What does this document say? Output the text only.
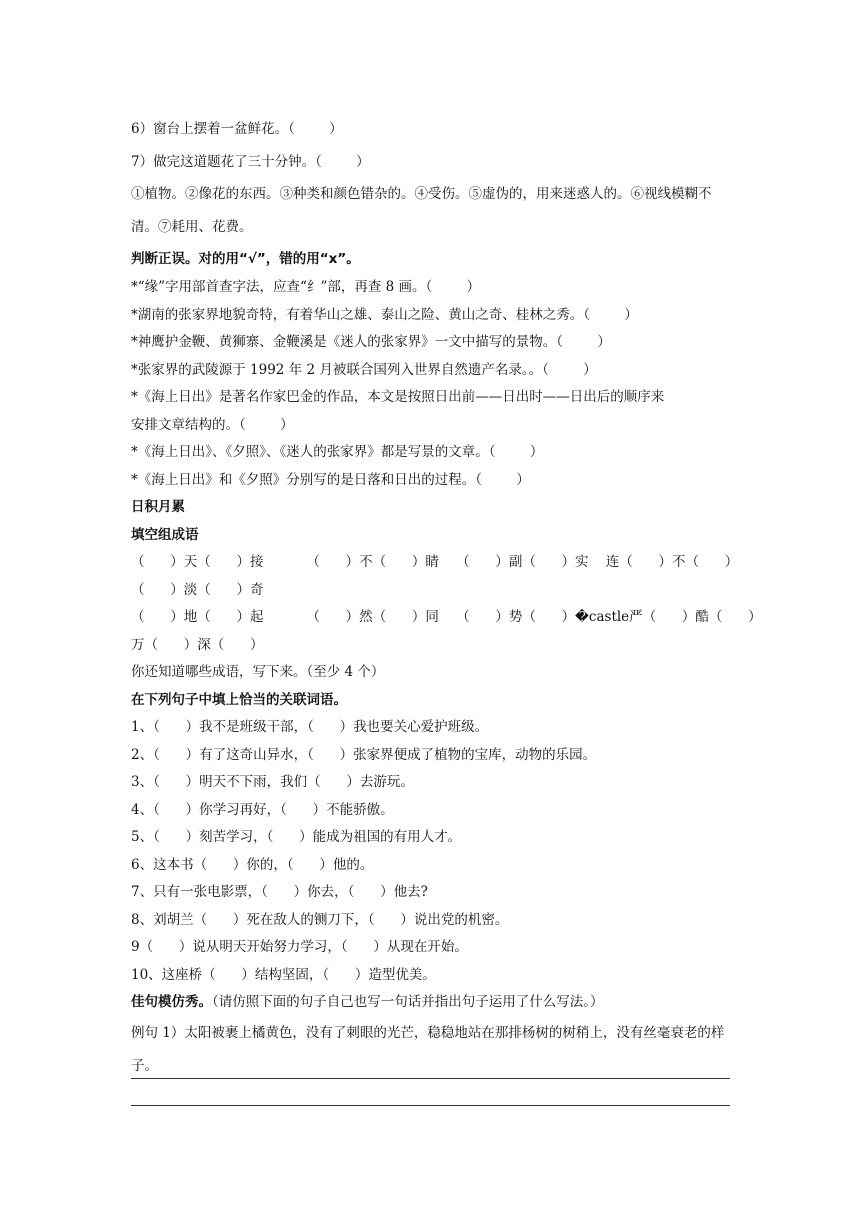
6）窗台上摆着一盆鲜花。（        ）
7）做完这道题花了三十分钟。（        ）
①植物。②像花的东西。③种类和颜色错杂的。④受伤。⑤虚伪的，用来迷惑人的。⑥视线模糊不清。⑦耗用、花费。
判断正误。对的用“√”，错的用“x”。
*“缘”字用部首查字法，应查“纟”部，再查 8 画。（        ）
*湖南的张家界地貌奇特，有着华山之雄、泰山之险、黄山之奇、桂林之秀。（        ）
*神鹰护金鞭、黄狮寨、金鞭溪是《迷人的张家界》一文中描写的景物。（        ）
*张家界的武陵源于 1992 年 2 月被联合国列入世界自然遗产名录。。（        ）
*《海上日出》是著名作家巴金的作品，本文是按照日出前——日出时——日出后的顺序来
安排文章结构的。（        ）
*《海上日出》、《夕照》、《迷人的张家界》都是写景的文章。（        ）
*《海上日出》和《夕照》分别写的是日落和日出的过程。（        ）
日积月累
填空组成语
（      ）天（      ）接          （      ）不（      ）睛    （      ）副（      ）实    连（      ）不（      ）
（      ）淡（      ）奇
（      ）地（      ）起          （      ）然（      ）同    （      ）势（      ）�castle严（      ）酷（      ）
万（      ）深（      ）
你还知道哪些成语，写下来。（至少 4 个）
在下列句子中填上恰当的关联词语。
1、（      ）我不是班级干部，（      ）我也要关心爱护班级。
2、（      ）有了这奇山异水，（      ）张家界便成了植物的宝库，动物的乐园。
3、（      ）明天不下雨，我们（      ）去游玩。
4、（      ）你学习再好，（      ）不能骄傲。
5、（      ）刻苦学习，（      ）能成为祖国的有用人才。
6、这本书（      ）你的，（      ）他的。
7、只有一张电影票，（      ）你去，（      ）他去?
8、刘胡兰（      ）死在敌人的铡刀下，（      ）说出党的机密。
9（      ）说从明天开始努力学习，（      ）从现在开始。
10、这座桥（      ）结构坚固，（      ）造型优美。
佳句模仿秀。（请仿照下面的句子自己也写一句话并指出句子运用了什么写法。）
例句 1）太阳被裹上橘黄色，没有了刺眼的光芒，稳稳地站在那排杨树的树稍上，没有丝毫衰老的样子。
